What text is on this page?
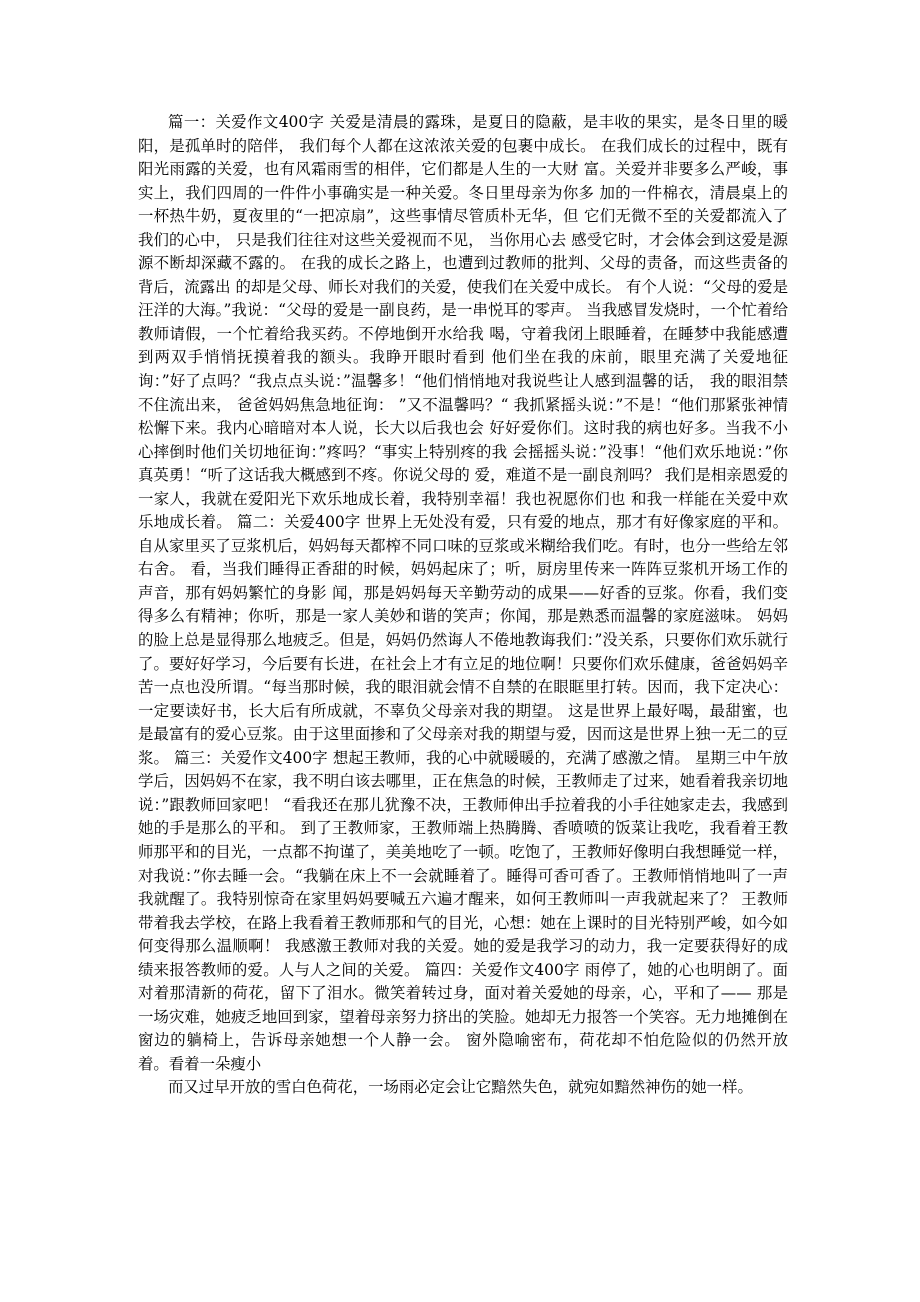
篇一：关爱作文400字 关爱是清晨的露珠，是夏日的隐蔽，是丰收的果实，是冬日里的暖阳，是孤单时的陪伴， 我们每个人都在这浓浓关爱的包裹中成长。 在我们成长的过程中，既有阳光雨露的关爱，也有风霜雨雪的相伴，它们都是人生的一大财 富。关爱并非要多么严峻，事实上，我们四周的一件件小事确实是一种关爱。冬日里母亲为你多 加的一件棉衣，清晨桌上的一杯热牛奶，夏夜里的“一把凉扇”，这些事情尽管质朴无华，但 它们无微不至的关爱都流入了我们的心中， 只是我们往往对这些关爱视而不见， 当你用心去 感受它时，才会体会到这爱是源源不断却深藏不露的。 在我的成长之路上，也遭到过教师的批判、父母的责备，而这些责备的背后，流露出 的却是父母、师长对我们的关爱，使我们在关爱中成长。 有个人说：“父母的爱是汪洋的大海。”我说：“父母的爱是一副良药，是一串悦耳的零声。 当我感冒发烧时，一个忙着给教师请假，一个忙着给我买药。不停地倒开水给我 喝，守着我闭上眼睡着，在睡梦中我能感遭到两双手悄悄抚摸着我的额头。我睁开眼时看到 他们坐在我的床前，眼里充满了关爱地征询：”好了点吗？“我点点头说：”温馨多！“他们悄悄地对我说些让人感到温馨的话， 我的眼泪禁不住流出来， 爸爸妈妈焦急地征询： ”又不温馨吗？“ 我抓紧摇头说：”不是！“他们那紧张神情松懈下来。我内心暗暗对本人说，长大以后我也会 好好爱你们。这时我的病也好多。当我不小心摔倒时他们关切地征询：”疼吗？“事实上特别疼的我 会摇摇头说：”没事！“他们欢乐地说：”你真英勇！“听了这话我大概感到不疼。你说父母的 爱，难道不是一副良剂吗？ 我们是相亲恩爱的一家人，我就在爱阳光下欢乐地成长着，我特别幸福！我也祝愿你们也 和我一样能在关爱中欢乐地成长着。 篇二：关爱400字 世界上无处没有爱，只有爱的地点，那才有好像家庭的平和。 自从家里买了豆浆机后，妈妈每天都榨不同口味的豆浆或米糊给我们吃。有时，也分一些给左邻右舍。 看，当我们睡得正香甜的时候，妈妈起床了；听，厨房里传来一阵阵豆浆机开场工作的声音，那有妈妈繁忙的身影 闻，那是妈妈每天辛勤劳动的成果——好香的豆浆。你看，我们变得多么有精神；你听，那是一家人美妙和谐的笑声；你闻，那是熟悉而温馨的家庭滋味。 妈妈的脸上总是显得那么地疲乏。但是，妈妈仍然诲人不倦地教诲我们：”没关系，只要你们欢乐就行了。要好好学习，今后要有长进，在社会上才有立足的地位啊！只要你们欢乐健康，爸爸妈妈辛苦一点也没所谓。“每当那时候，我的眼泪就会情不自禁的在眼眶里打转。因而，我下定决心：一定要读好书，长大后有所成就，不辜负父母亲对我的期望。 这是世界上最好喝，最甜蜜，也是最富有的爱心豆浆。由于这里面掺和了父母亲对我的期望与爱，因而这是世界上独一无二的豆浆。 篇三：关爱作文400字 想起王教师，我的心中就暖暖的，充满了感激之情。 星期三中午放学后，因妈妈不在家，我不明白该去哪里，正在焦急的时候，王教师走了过来，她看着我亲切地说：”跟教师回家吧！ “看我还在那儿犹豫不决，王教师伸出手拉着我的小手往她家走去，我感到她的手是那么的平和。 到了王教师家，王教师端上热腾腾、香喷喷的饭菜让我吃，我看着王教师那平和的目光，一点都不拘谨了，美美地吃了一顿。吃饱了，王教师好像明白我想睡觉一样，对我说：”你去睡一会。“我躺在床上不一会就睡着了。睡得可香可香了。王教师悄悄地叫了一声我就醒了。我特别惊奇在家里妈妈要喊五六遍才醒来，如何王教师叫一声我就起来了？ 王教师带着我去学校，在路上我看着王教师那和气的目光，心想：她在上课时的目光特别严峻，如今如何变得那么温顺啊！ 我感激王教师对我的关爱。她的爱是我学习的动力，我一定要获得好的成绩来报答教师的爱。人与人之间的关爱。 篇四：关爱作文400字 雨停了，她的心也明朗了。面对着那清新的荷花，留下了泪水。微笑着转过身，面对着关爱她的母亲，心，平和了—— 那是一场灾难，她疲乏地回到家，望着母亲努力挤出的笑脸。她却无力报答一个笑容。无力地摊倒在窗边的躺椅上，告诉母亲她想一个人静一会。 窗外隐喻密布，荷花却不怕危险似的仍然开放着。看着一朵瘦小

而又过早开放的雪白色荷花，一场雨必定会让它黯然失色，就宛如黯然神伤的她一样。
